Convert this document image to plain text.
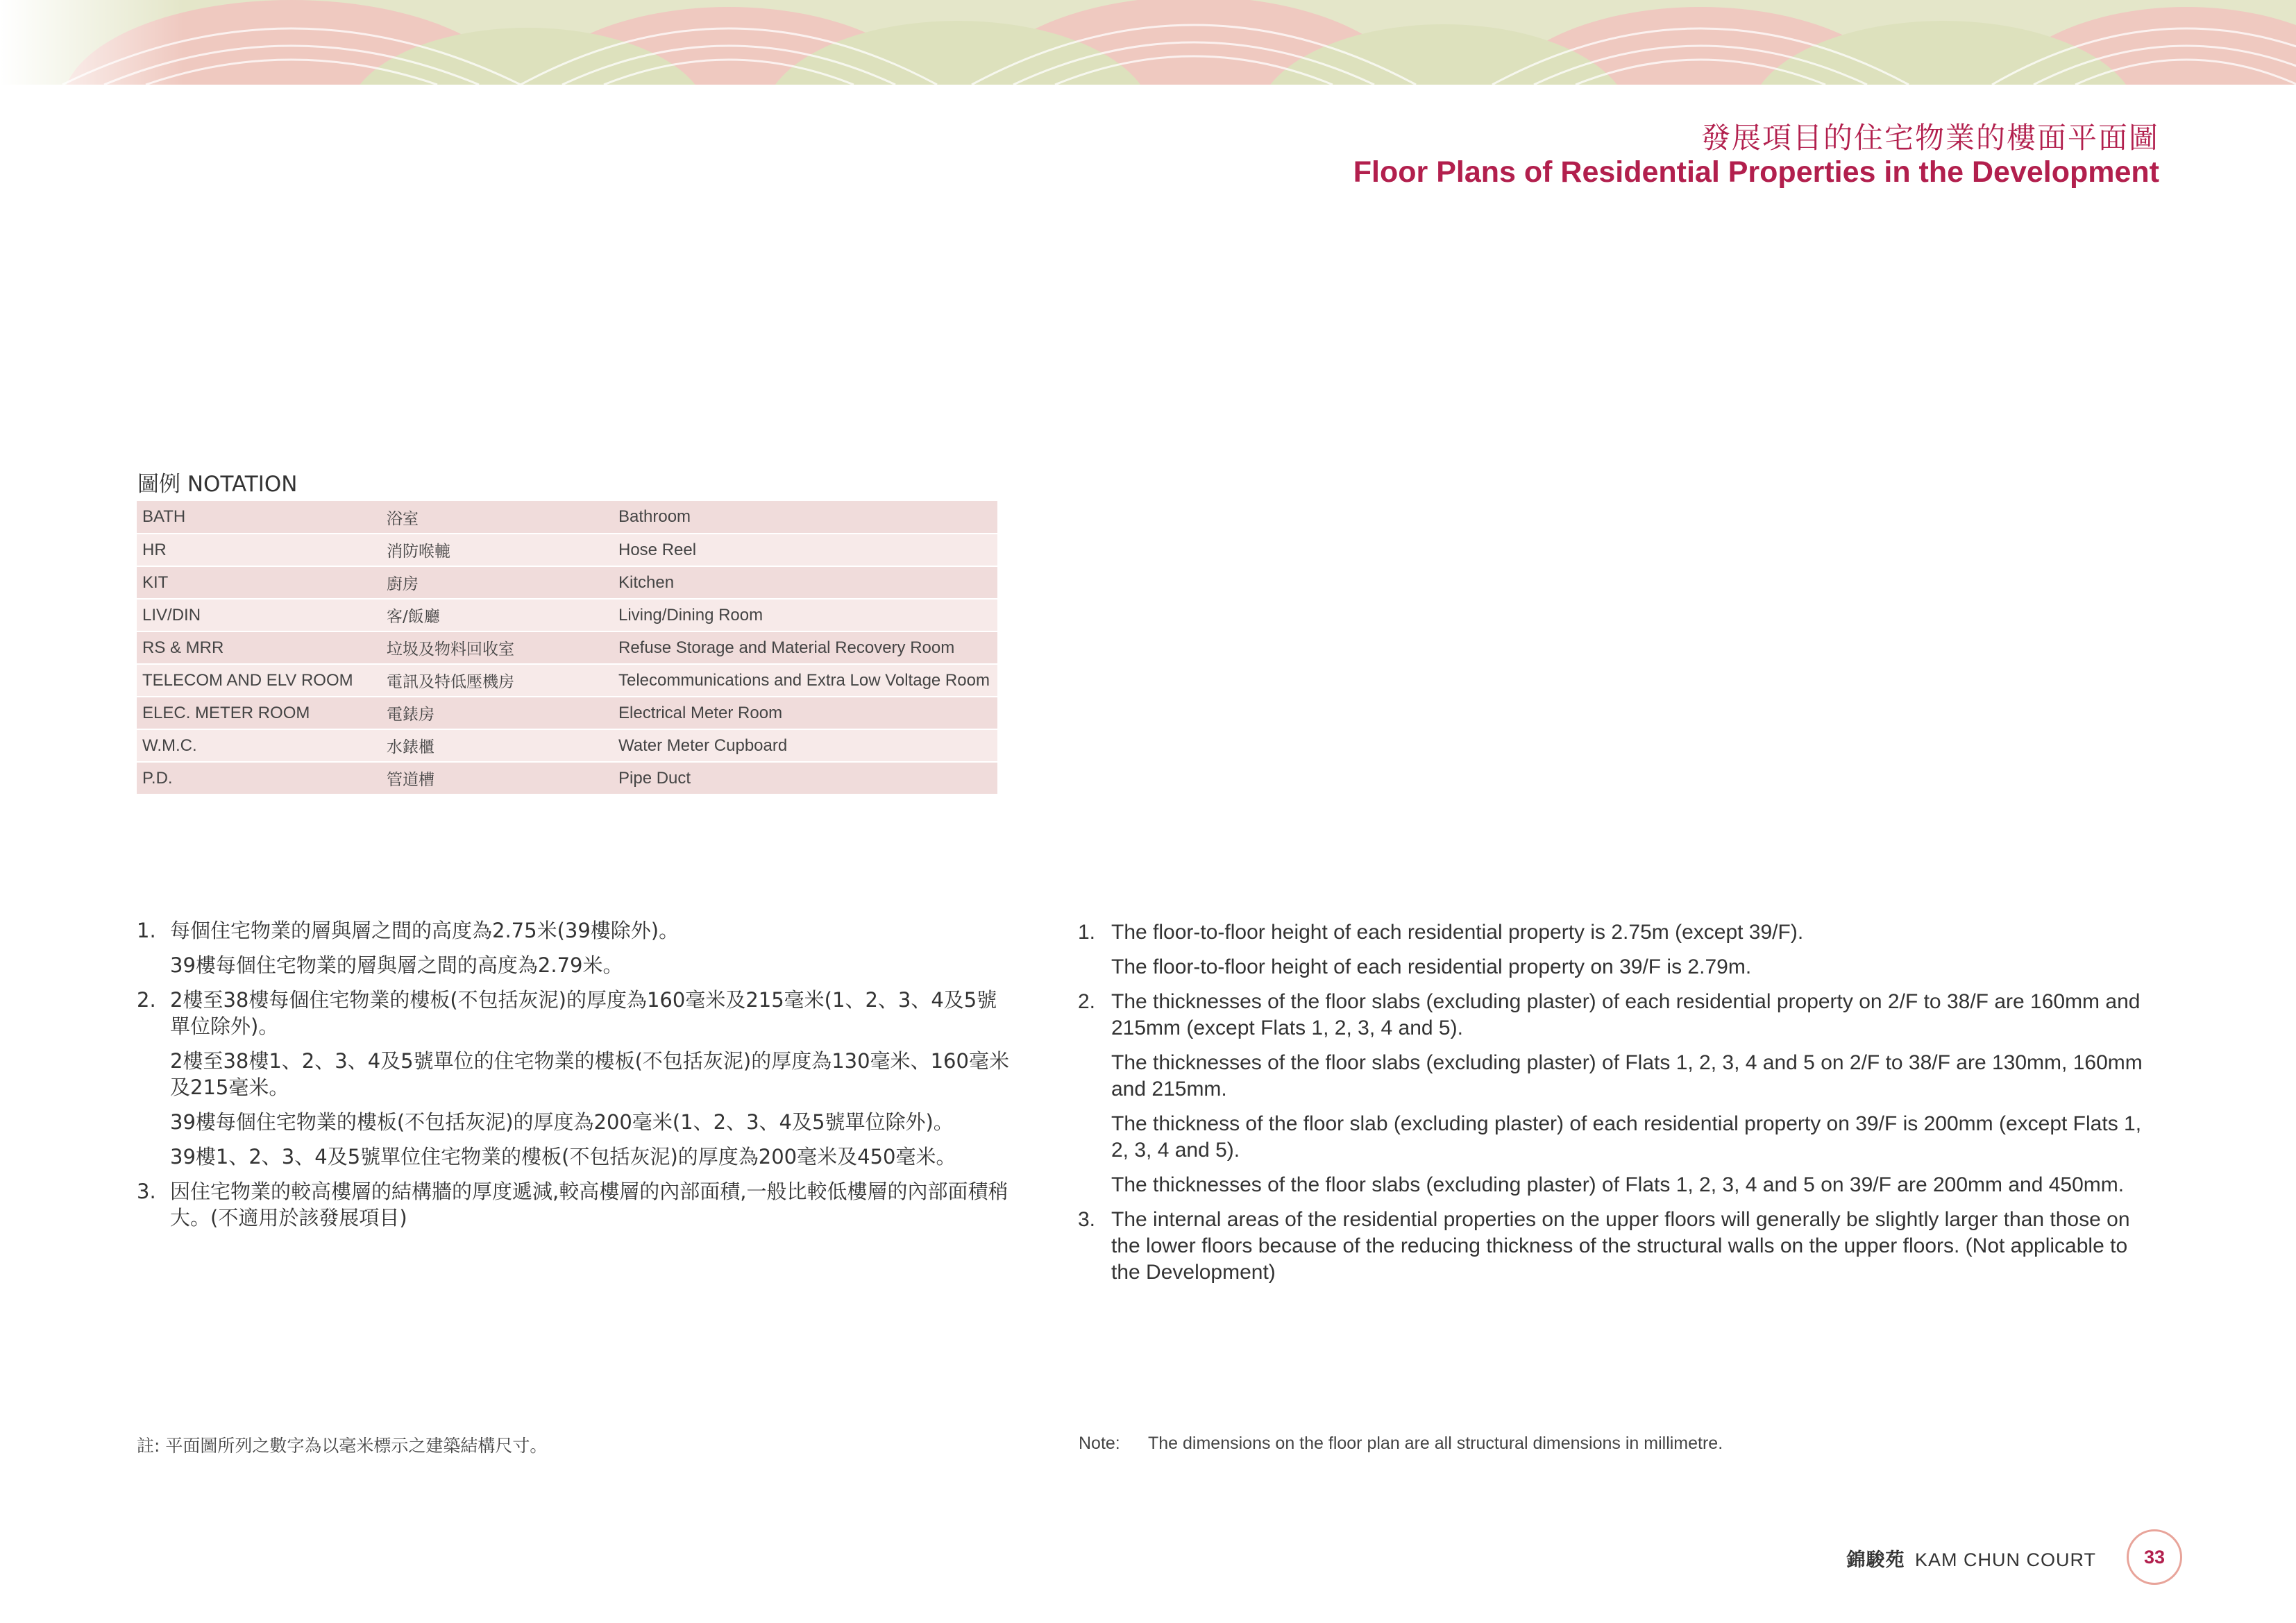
發展項目的住宅物業的樓面平面圖
Floor Plans of Residential Properties in the Development
圖例 NOTATION
BATH	浴室	Bathroom
HR	消防喉轆	Hose Reel
KIT	廚房	Kitchen
LIV/DIN	客/飯廳	Living/Dining Room
RS & MRR	垃圾及物料回收室	Refuse Storage and Material Recovery Room
TELECOM AND ELV ROOM	電訊及特低壓機房	Telecommunications and Extra Low Voltage Room
ELEC. METER ROOM	電錶房	Electrical Meter Room
W.M.C.	水錶櫃	Water Meter Cupboard
P.D.	管道槽	Pipe Duct
1. 每個住宅物業的層與層之間的高度為2.75米(39樓除外)。

39樓每個住宅物業的層與層之間的高度為2.79米。

2. 2樓至38樓每個住宅物業的樓板(不包括灰泥)的厚度為160毫米及215毫米(1、2、3、4及5號單位除外)。

2樓至38樓1、2、3、4及5號單位的住宅物業的樓板(不包括灰泥)的厚度為130毫米、160毫米及215毫米。

39樓每個住宅物業的樓板(不包括灰泥)的厚度為200毫米(1、2、3、4及5號單位除外)。

39樓1、2、3、4及5號單位住宅物業的樓板(不包括灰泥)的厚度為200毫米及450毫米。

3. 因住宅物業的較高樓層的結構牆的厚度遞減,較高樓層的內部面積,一般比較低樓層的內部面積稍大。(不適用於該發展項目)

1. The floor-to-floor height of each residential property is 2.75m (except 39/F).

The floor-to-floor height of each residential property on 39/F is 2.79m.

2. The thicknesses of the floor slabs (excluding plaster) of each residential property on 2/F to 38/F are 160mm and 215mm (except Flats 1, 2, 3, 4 and 5).

The thicknesses of the floor slabs (excluding plaster) of Flats 1, 2, 3, 4 and 5 on 2/F to 38/F are 130mm, 160mm and 215mm.

The thickness of the floor slab (excluding plaster) of each residential property on 39/F is 200mm (except Flats 1, 2, 3, 4 and 5).

The thicknesses of the floor slabs (excluding plaster) of Flats 1, 2, 3, 4 and 5 on 39/F are 200mm and 450mm.

3. The internal areas of the residential properties on the upper floors will generally be slightly larger than those on the lower floors because of the reducing thickness of the structural walls on the upper floors. (Not applicable to the Development)

註: 平面圖所列之數字為以毫米標示之建築結構尺寸。	Note: The dimensions on the floor plan are all structural dimensions in millimetre.
錦駿苑 KAM CHUN COURT	33
